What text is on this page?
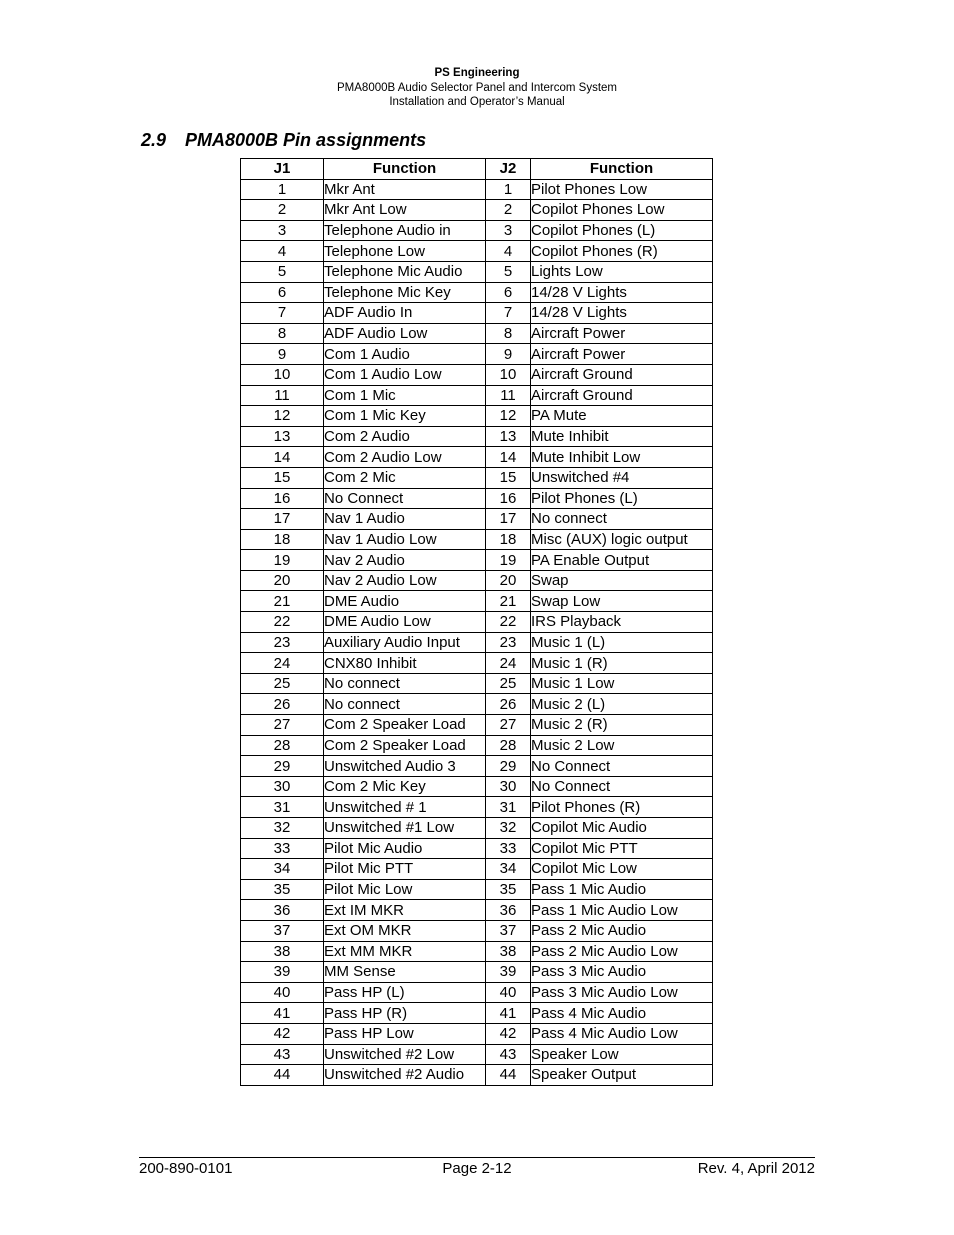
PS Engineering
PMA8000B Audio Selector Panel and Intercom System
Installation and Operator’s Manual
2.9 PMA8000B Pin assignments
J1	Function	J2	Function
1	Mkr Ant	1	Pilot Phones Low
2	Mkr Ant Low	2	Copilot Phones Low
3	Telephone Audio in	3	Copilot Phones (L)
4	Telephone Low	4	Copilot Phones (R)
5	Telephone Mic Audio	5	Lights Low
6	Telephone Mic Key	6	14/28 V Lights
7	ADF Audio In	7	14/28 V Lights
8	ADF Audio Low	8	Aircraft Power
9	Com 1 Audio	9	Aircraft Power
10	Com 1 Audio Low	10	Aircraft Ground
11	Com 1 Mic	11	Aircraft Ground
12	Com 1 Mic Key	12	PA Mute
13	Com 2 Audio	13	Mute Inhibit
14	Com 2 Audio Low	14	Mute Inhibit Low
15	Com 2 Mic	15	Unswitched #4
16	No Connect	16	Pilot Phones (L)
17	Nav 1 Audio	17	No connect
18	Nav 1 Audio Low	18	Misc (AUX) logic output
19	Nav 2 Audio	19	PA Enable Output
20	Nav 2 Audio Low	20	Swap
21	DME Audio	21	Swap Low
22	DME Audio Low	22	IRS Playback
23	Auxiliary Audio Input	23	Music 1 (L)
24	CNX80 Inhibit	24	Music 1 (R)
25	No connect	25	Music 1 Low
26	No connect	26	Music 2 (L)
27	Com 2 Speaker Load	27	Music 2 (R)
28	Com 2 Speaker Load	28	Music 2 Low
29	Unswitched Audio 3	29	No Connect
30	Com 2 Mic Key	30	No Connect
31	Unswitched # 1	31	Pilot Phones (R)
32	Unswitched #1 Low	32	Copilot Mic Audio
33	Pilot Mic Audio	33	Copilot Mic PTT
34	Pilot Mic PTT	34	Copilot Mic Low
35	Pilot Mic Low	35	Pass 1 Mic Audio
36	Ext IM MKR	36	Pass 1 Mic Audio Low
37	Ext OM MKR	37	Pass 2 Mic Audio
38	Ext MM MKR	38	Pass 2 Mic Audio Low
39	MM Sense	39	Pass 3 Mic Audio
40	Pass HP (L)	40	Pass 3 Mic Audio Low
41	Pass HP (R)	41	Pass 4 Mic Audio
42	Pass HP Low	42	Pass 4 Mic Audio Low
43	Unswitched #2 Low	43	Speaker Low
44	Unswitched #2 Audio	44	Speaker Output
200-890-0101	Page 2-12	Rev. 4, April 2012
